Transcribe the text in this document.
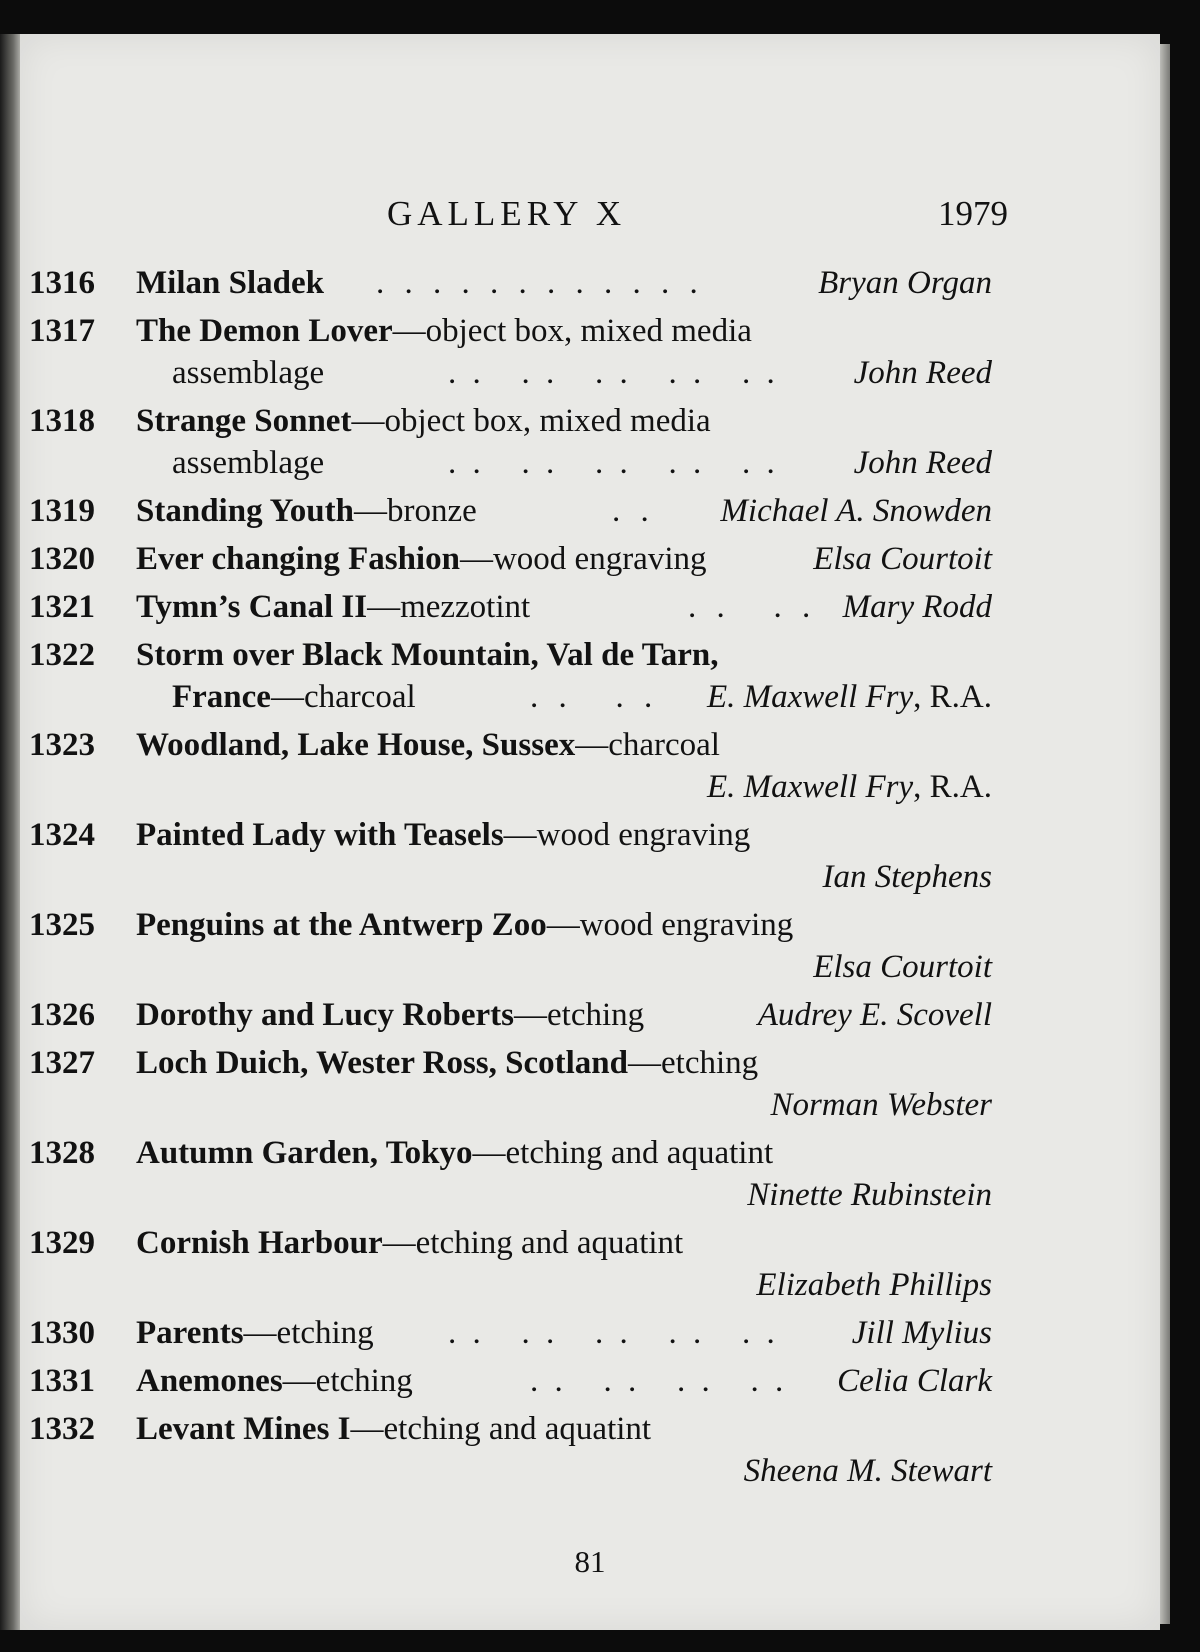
GALLERY X	1979
1316	Milan Sladek . . . . . . . . . . . .	Bryan Organ
1317	The Demon Lover—object box, mixed media
assemblage	. .   . .   . .   . .   . . John Reed
1318	Strange Sonnet—object box, mixed media
assemblage	. .   . .   . .   . .   . . John Reed
1319	Standing Youth—bronze	. . Michael A. Snowden
1320	Ever changing Fashion—wood engraving	Elsa Courtoit
1321	Tymn’s Canal II—mezzotint	. .   . . Mary Rodd
1322	Storm over Black Mountain, Val de Tarn,
France—charcoal	. .   . . E. Maxwell Fry, R.A.
1323	Woodland, Lake House, Sussex—charcoal
E. Maxwell Fry, R.A.
1324	Painted Lady with Teasels—wood engraving
Ian Stephens
1325	Penguins at the Antwerp Zoo—wood engraving
Elsa Courtoit
1326	Dorothy and Lucy Roberts—etching	Audrey E. Scovell
1327	Loch Duich, Wester Ross, Scotland—etching
Norman Webster
1328	Autumn Garden, Tokyo—etching and aquatint
Ninette Rubinstein
1329	Cornish Harbour—etching and aquatint
Elizabeth Phillips
1330	Parents—etching . .   . .   . .   . .   . . Jill Mylius
1331	Anemones—etching	. .   . .   . .   . . Celia Clark
1332	Levant Mines I—etching and aquatint
Sheena M. Stewart
81
